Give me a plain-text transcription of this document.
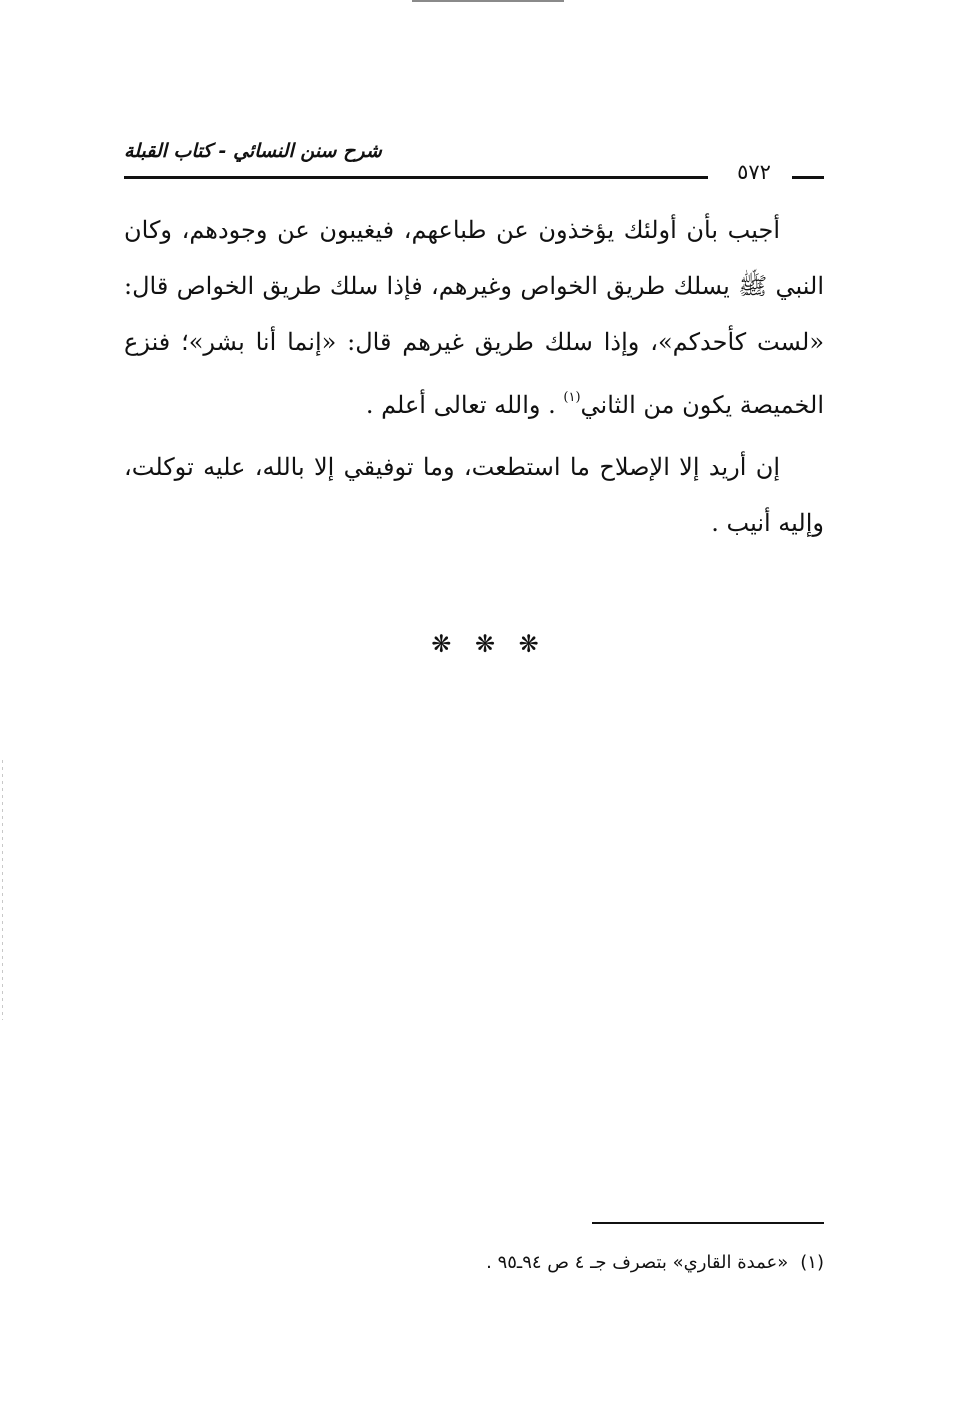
شرح سنن النسائي - كتاب القبلة
٥٧٢

أجيب بأن أولئك يؤخذون عن طباعهم، فيغيبون عن وجودهم، وكان النبي ﷺ يسلك طريق الخواص وغيرهم، فإذا سلك طريق الخواص قال: «لست كأحدكم»، وإذا سلك طريق غيرهم قال: «إنما أنا بشر»؛ فنزع الخميصة يكون من الثاني$^{(١)}$ . والله تعالى أعلم .

إن أريد إلا الإصلاح ما استطعت، وما توفيقي إلا بالله، عليه توكلت، وإليه أنيب .

❋ ❋ ❋
(١)«عمدة القاري» بتصرف جـ ٤ ص ٩٤ـ٩٥ .
